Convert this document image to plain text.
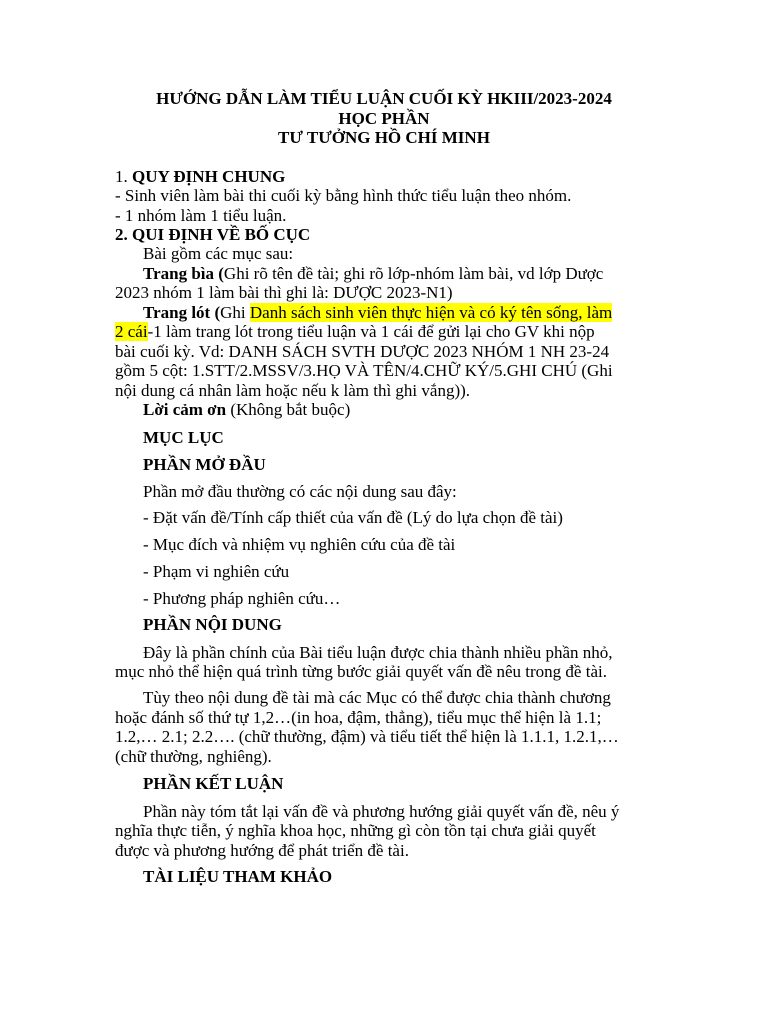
HƯỚNG DẪN LÀM TIỂU LUẬN CUỐI KỲ HKIII/2023-2024
HỌC PHẦN
TƯ TƯỞNG HỒ CHÍ MINH
1. QUY ĐỊNH CHUNG
- Sinh viên làm bài thi cuối kỳ bằng hình thức tiểu luận theo nhóm.
- 1 nhóm làm 1 tiểu luận.
2. QUI ĐỊNH VỀ BỐ CỤC
Bài gồm các mục sau:
Trang bìa (Ghi rõ tên đề tài; ghi rõ lớp-nhóm làm bài, vd lớp Dược
2023 nhóm 1 làm bài thì ghi là: DƯỢC 2023-N1)
Trang lót (Ghi Danh sách sinh viên thực hiện và có ký tên sống, làm
2 cái-1 làm trang lót trong tiểu luận và 1 cái để gửi lại cho GV khi nộp
bài cuối kỳ. Vd: DANH SÁCH SVTH DƯỢC 2023 NHÓM 1 NH 23-24
gồm 5 cột: 1.STT/2.MSSV/3.HỌ VÀ TÊN/4.CHỮ KÝ/5.GHI CHÚ (Ghi
nội dung cá nhân làm hoặc nếu k làm thì ghi vắng)).
Lời cảm ơn (Không bắt buộc)
MỤC LỤC
PHẦN MỞ ĐẦU
Phần mở đầu thường có các nội dung sau đây:
- Đặt vấn đề/Tính cấp thiết của vấn đề (Lý do lựa chọn đề tài)
- Mục đích và nhiệm vụ nghiên cứu của đề tài
- Phạm vi nghiên cứu
- Phương pháp nghiên cứu…
PHẦN NỘI DUNG
Đây là phần chính của Bài tiểu luận được chia thành nhiều phần nhỏ,
mục nhỏ thể hiện quá trình từng bước giải quyết vấn đề nêu trong đề tài.
Tùy theo nội dung đề tài mà các Mục có thể được chia thành chương
hoặc đánh số thứ tự 1,2…(in hoa, đậm, thẳng), tiểu mục thể hiện là 1.1;
1.2,… 2.1; 2.2…. (chữ thường, đậm) và tiểu tiết thể hiện là 1.1.1, 1.2.1,…
(chữ thường, nghiêng).
PHẦN KẾT LUẬN
Phần này tóm tắt lại vấn đề và phương hướng giải quyết vấn đề, nêu ý
nghĩa thực tiễn, ý nghĩa khoa học, những gì còn tồn tại chưa giải quyết
được và phương hướng để phát triển đề tài.
TÀI LIỆU THAM KHẢO
